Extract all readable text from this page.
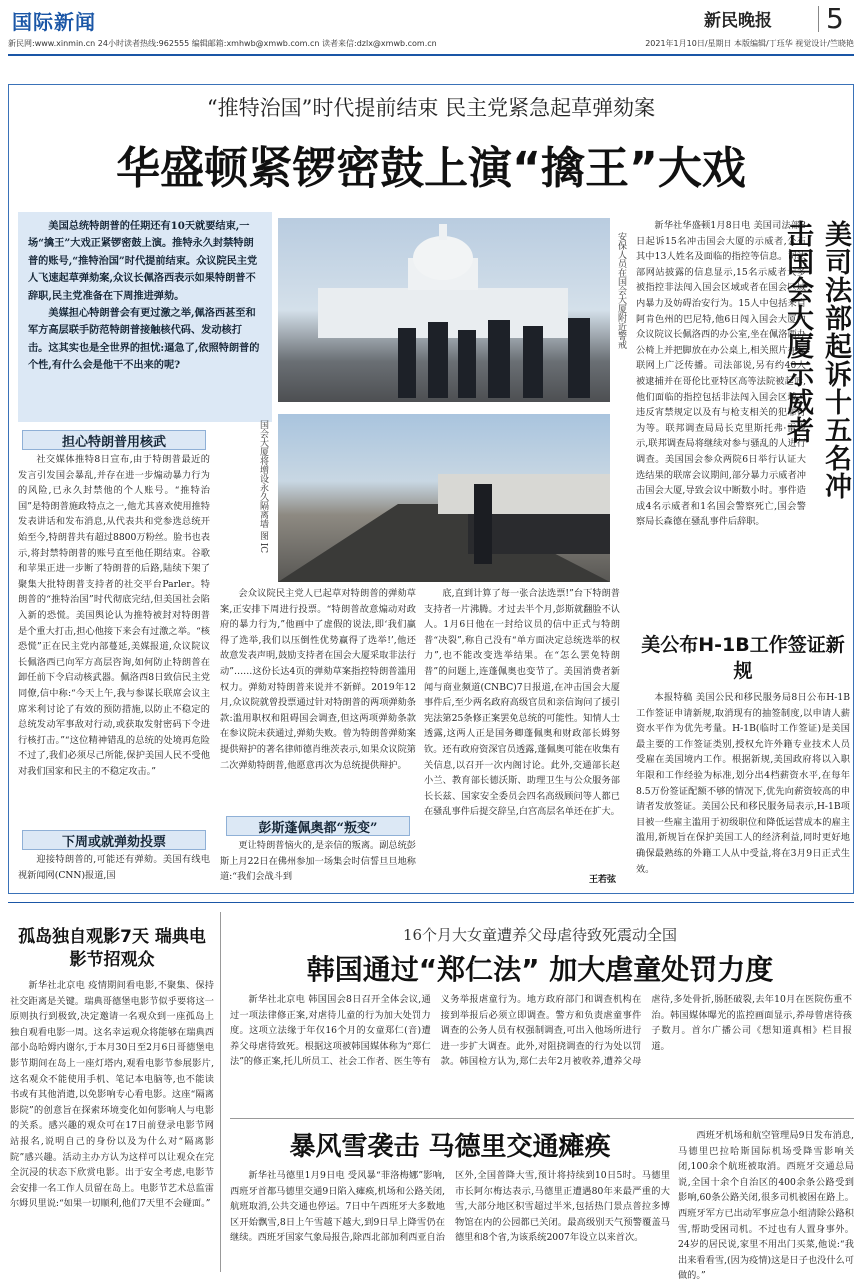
国际新闻	新民晚报	5
新民网:www.xinmin.cn 24小时读者热线:962555 编辑邮箱:xmhwb@xmwb.com.cn 读者来信:dzlx@xmwb.com.cn	2021年1月10日/星期日 本版编辑/丁珏华 视觉设计/竺晓艳
“推特治国”时代提前结束 民主党紧急起草弹劾案
华盛顿紧锣密鼓上演“擒王”大戏

美国总统特朗普的任期还有10天就要结束,一场“擒王”大戏正紧锣密鼓上演。推特永久封禁特朗普的账号,“推特治国”时代提前结束。众议院民主党人飞速起草弹劾案,众议长佩洛西表示如果特朗普不辞职,民主党准备在下周推进弹劾。

美媒担心特朗普会有更过激之举,佩洛西甚至和军方高层联手防范特朗普接触核代码、发动核打击。这其实也是全世界的担忧:逼急了,依照特朗普的个性,有什么会是他干不出来的呢?

安保人员在国会大厦附近警戒
国会大厦将增设永久隔离墙 图 IC
担心特朗普用核武

社交媒体推特8日宣布,由于特朗普最近的发言引发国会暴乱,并存在进一步煽动暴力行为的风险,已永久封禁他的个人账号。“推特治国”是特朗普施政特点之一,他尤其喜欢使用推特发表讲话和发布消息,从代表共和党参选总统开始至今,特朗普共有超过8800万粉丝。脸书也表示,将封禁特朗普的账号直至他任期结束。谷歌和苹果正进一步断了特朗普的后路,陆续下架了聚集大批特朗普支持者的社交平台Parler。特朗普的“推特治国”时代彻底完结,但美国社会陷入新的恐慌。美国舆论认为推特被封对特朗普是个重大打击,担心他接下来会有过激之举。“核恐慌”正在民主党内部蔓延,美媒报道,众议院议长佩洛西已向军方高层咨询,如何防止特朗普在卸任前下令启动核武器。佩洛西8日致信民主党同僚,信中称:“今天上午,我与参谋长联席会议主席米利讨论了有效的预防措施,以防止不稳定的总统发动军事敌对行动,或获取发射密码下令进行核打击。”“这位精神错乱的总统的处境再危险不过了,我们必须尽己所能,保护美国人民不受他对我们国家和民主的不稳定攻击。”

下周或就弹劾投票

迎接特朗普的,可能还有弹劾。美国有线电视新闻网(CNN)报道,国

会众议院民主党人已起草对特朗普的弹劾草案,正安排下周进行投票。“特朗普故意煽动对政府的暴力行为,”他画中了虚假的说法,即‘我们赢得了选举,我们以压倒性优势赢得了选举!’,他还故意发表声明,鼓励支持者在国会大厦采取非法行动”……这份长达4页的弹劾草案指控特朗普滥用权力。弹劾对特朗普来说并不新鲜。2019年12月,众议院就曾投票通过针对特朗普的两项弹劾条款:滥用职权和阻碍国会调查,但这两项弹劾条款在参议院未获通过,弹劾失败。曾为特朗普弹劾案提供辩护的著名律师德肖维茨表示,如果众议院第二次弹劾特朗普,他愿意再次为总统提供辩护。

彭斯蓬佩奥都“叛变”

更让特朗普恼火的,是亲信的叛离。副总统彭斯上月22日在佛州参加一场集会时信誓旦旦地称道:“我们会战斗到

底,直到计算了每一张合法选票!”台下特朗普支持者一片沸腾。才过去半个月,彭斯就翻脸不认人。1月6日他在一封给议员的信中正式与特朗普“决裂”,称自己没有“单方面决定总统选举的权力”,也不能改变选举结果。在“怎么罢免特朗普”的问题上,连蓬佩奥也变节了。美国消费者新闻与商业频道(CNBC)7日报道,在冲击国会大厦事件后,至少两名政府高级官员和亲信询问了援引宪法第25条修正案罢免总统的可能性。知情人士透露,这两人正是国务卿蓬佩奥和财政部长姆努钦。还有政府资深官员透露,蓬佩奥可能在收集有关信息,以召开一次内阁讨论。此外,交通部长赵小兰、教育部长德沃斯、助理卫生与公众服务部长长兹、国家安全委员会四名高级顾问等人都已在骚乱事件后提交辞呈,白宫高层名单还在扩大。

王若弦

新华社华盛顿1月8日电 美国司法部8日起诉15名冲击国会大厦的示威者,公布其中13人姓名及面临的指控等信息。司法部网站披露的信息显示,15名示威者大多被指控非法闯入国会区域或者在国会区域内暴力及妨碍治安行为。15人中包括来自阿肯色州的巴尼特,他6日闯入国会大厦内众议院议长佩洛西的办公室,坐在佩洛西办公椅上并把脚放在办公桌上,相关照片在互联网上广泛传播。司法部说,另有约40人被逮捕并在哥伦比亚特区高等法院被起诉,他们面临的指控包括非法闯入国会区域、违反宵禁规定以及有与枪支相关的犯罪行为等。联邦调查局局长克里斯托弗·雷表示,联邦调查局将继续对参与骚乱的人进行调查。美国国会参众两院6日举行认证大选结果的联席会议期间,部分暴力示威者冲击国会大厦,导致会议中断数小时。事件造成4名示威者和1名国会警察死亡,国会警察局长森德在骚乱事件后辞职。

美司法部起诉十五名冲击国会大厦示威者
美公布H-1B工作签证新规

本报特稿 美国公民和移民服务局8日公布H-1B工作签证申请新规,取消现有的抽签制度,以申请人薪资水平作为优先考量。H-1B(临时工作签证)是美国最主要的工作签证类别,授权允许外籍专业技术人员受雇在美国境内工作。根据新规,美国政府将以入职年限和工作经验为标准,划分出4档薪资水平,在每年8.5万份签证配额不够的情况下,优先向薪资较高的申请者发放签证。美国公民和移民服务局表示,H-1B项目被一些雇主滥用于初级职位和降低运营成本的雇主滥用,新规旨在保护美国工人的经济利益,同时更好地确保最熟练的外籍工人从中受益,将在3月9日正式生效。

孤岛独自观影7天 瑞典电影节招观众

新华社北京电 疫情期间看电影,不聚集、保持社交距离是关键。瑞典哥德堡电影节似乎要将这一原则执行到极致,决定邀请一名观众到一座孤岛上独自观看电影一周。这名幸运观众将能够在瑞典西部小岛哈姆内谢尔,于本月30日至2月6日哥德堡电影节期间在岛上一座灯塔内,观看电影节参展影片,这名观众不能使用手机、笔记本电脑等,也不能读书或有其他消遣,以免影响专心看电影。这座“隔离影院”的创意旨在探索环境变化如何影响人与电影的关系。感兴趣的观众可在17日前登录电影节网站报名,说明自己的身份以及为什么对“隔离影院”感兴趣。活动主办方认为这样可以让观众在完全沉浸的状态下欣赏电影。出于安全考虑,电影节会安排一名工作人员留在岛上。电影节艺术总监雷尔姆贝里说:“如果一切顺利,他们7天里不会碰面。”

16个月大女童遭养父母虐待致死震动全国
韩国通过“郑仁法” 加大虐童处罚力度

新华社北京电 韩国国会8日召开全体会议,通过一项法律修正案,对虐待儿童的行为加大处罚力度。这项立法缘于年仅16个月的女童郑仁(音)遭养父母虐待致死。根据这项被韩国媒体称为“郑仁法”的修正案,托儿所员工、社会工作者、医生等有义务举报虐童行为。地方政府部门和调查机构在接到举报后必须立即调查。警方和负责虐童事件调查的公务人员有权强制调查,可出入他场所进行进一步扩大调查。此外,对阻挠调查的行为处以罚款。韩国检方认为,郑仁去年2月被收养,遭养父母虐待,多处骨折,肠胚破裂,去年10月在医院伤重不治。韩国媒体曝光的监控画面显示,养母曾虐待孩子数月。首尔广播公司《想知道真相》栏目报道。

暴风雪袭击 马德里交通瘫痪

新华社马德里1月9日电 受风暴“菲洛梅娜”影响,西班牙首都马德里交通9日陷入瘫痪,机场和公路关闭,航班取消,公共交通也停运。7日中午西班牙大多数地区开始飘雪,8日上午雪越下越大,到9日早上降雪仍在继续。西班牙国家气象局报告,除西北部加利西亚自治区外,全国普降大雪,预计将持续到10日5时。马德里市长阿尔梅达表示,马德里正遭遇80年来最严重的大雪,大部分地区积雪超过半米,包括热门景点普拉多博物馆在内的公园都已关闭。最高级别天气预警覆盖马德里和8个省,为该系统2007年设立以来首次。

西班牙机场和航空管理局9日发布消息,马德里巴拉哈斯国际机场受降雪影响关闭,100余个航班被取消。西班牙交通总局说,全国十余个自治区的400余条公路受到影响,60条公路关闭,很多司机被困在路上。西班牙军方已出动军事应急小组清除公路积雪,帮助受困司机。不过也有人置身事外。24岁的居民说,家里不用出门买菜,他说:“我出来看看雪,(因为疫情)这是日子也没什么可做的。”
